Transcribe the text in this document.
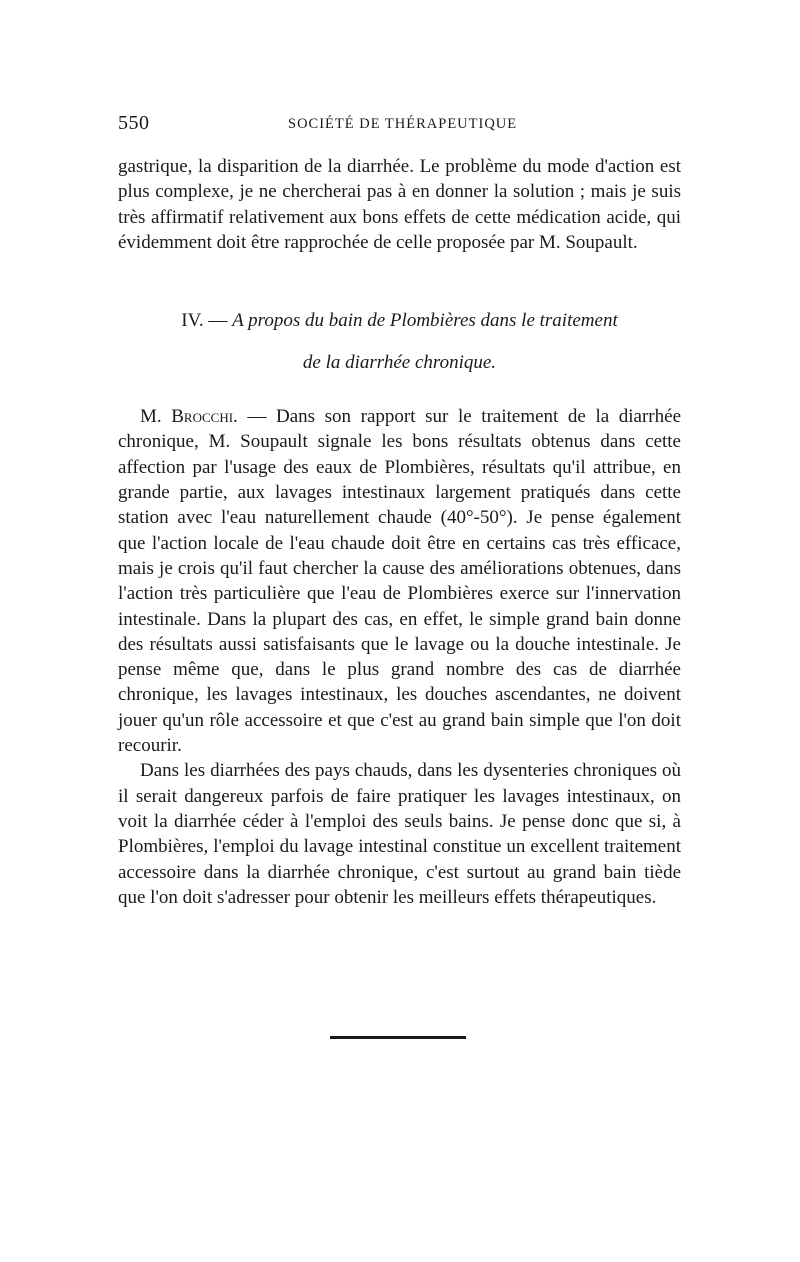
550	SOCIÉTÉ DE THÉRAPEUTIQUE

gastrique, la disparition de la diarrhée. Le problème du mode d'action est plus complexe, je ne chercherai pas à en donner la solution ; mais je suis très affirmatif relativement aux bons effets de cette médication acide, qui évidemment doit être rapprochée de celle proposée par M. Soupault.

IV. — A propos du bain de Plombières dans le traitement
de la diarrhée chronique.

M. Brocchi. — Dans son rapport sur le traitement de la diarrhée chronique, M. Soupault signale les bons résultats obtenus dans cette affection par l'usage des eaux de Plombières, résultats qu'il attribue, en grande partie, aux lavages intestinaux largement pratiqués dans cette station avec l'eau naturellement chaude (40°-50°). Je pense également que l'action locale de l'eau chaude doit être en certains cas très efficace, mais je crois qu'il faut chercher la cause des améliorations obtenues, dans l'action très particulière que l'eau de Plombières exerce sur l'innervation intestinale. Dans la plupart des cas, en effet, le simple grand bain donne des résultats aussi satisfaisants que le lavage ou la douche intestinale. Je pense même que, dans le plus grand nombre des cas de diarrhée chronique, les lavages intestinaux, les douches ascendantes, ne doivent jouer qu'un rôle accessoire et que c'est au grand bain simple que l'on doit recourir.

Dans les diarrhées des pays chauds, dans les dysenteries chroniques où il serait dangereux parfois de faire pratiquer les lavages intestinaux, on voit la diarrhée céder à l'emploi des seuls bains. Je pense donc que si, à Plombières, l'emploi du lavage intestinal constitue un excellent traitement accessoire dans la diarrhée chronique, c'est surtout au grand bain tiède que l'on doit s'adresser pour obtenir les meilleurs effets thérapeutiques.
